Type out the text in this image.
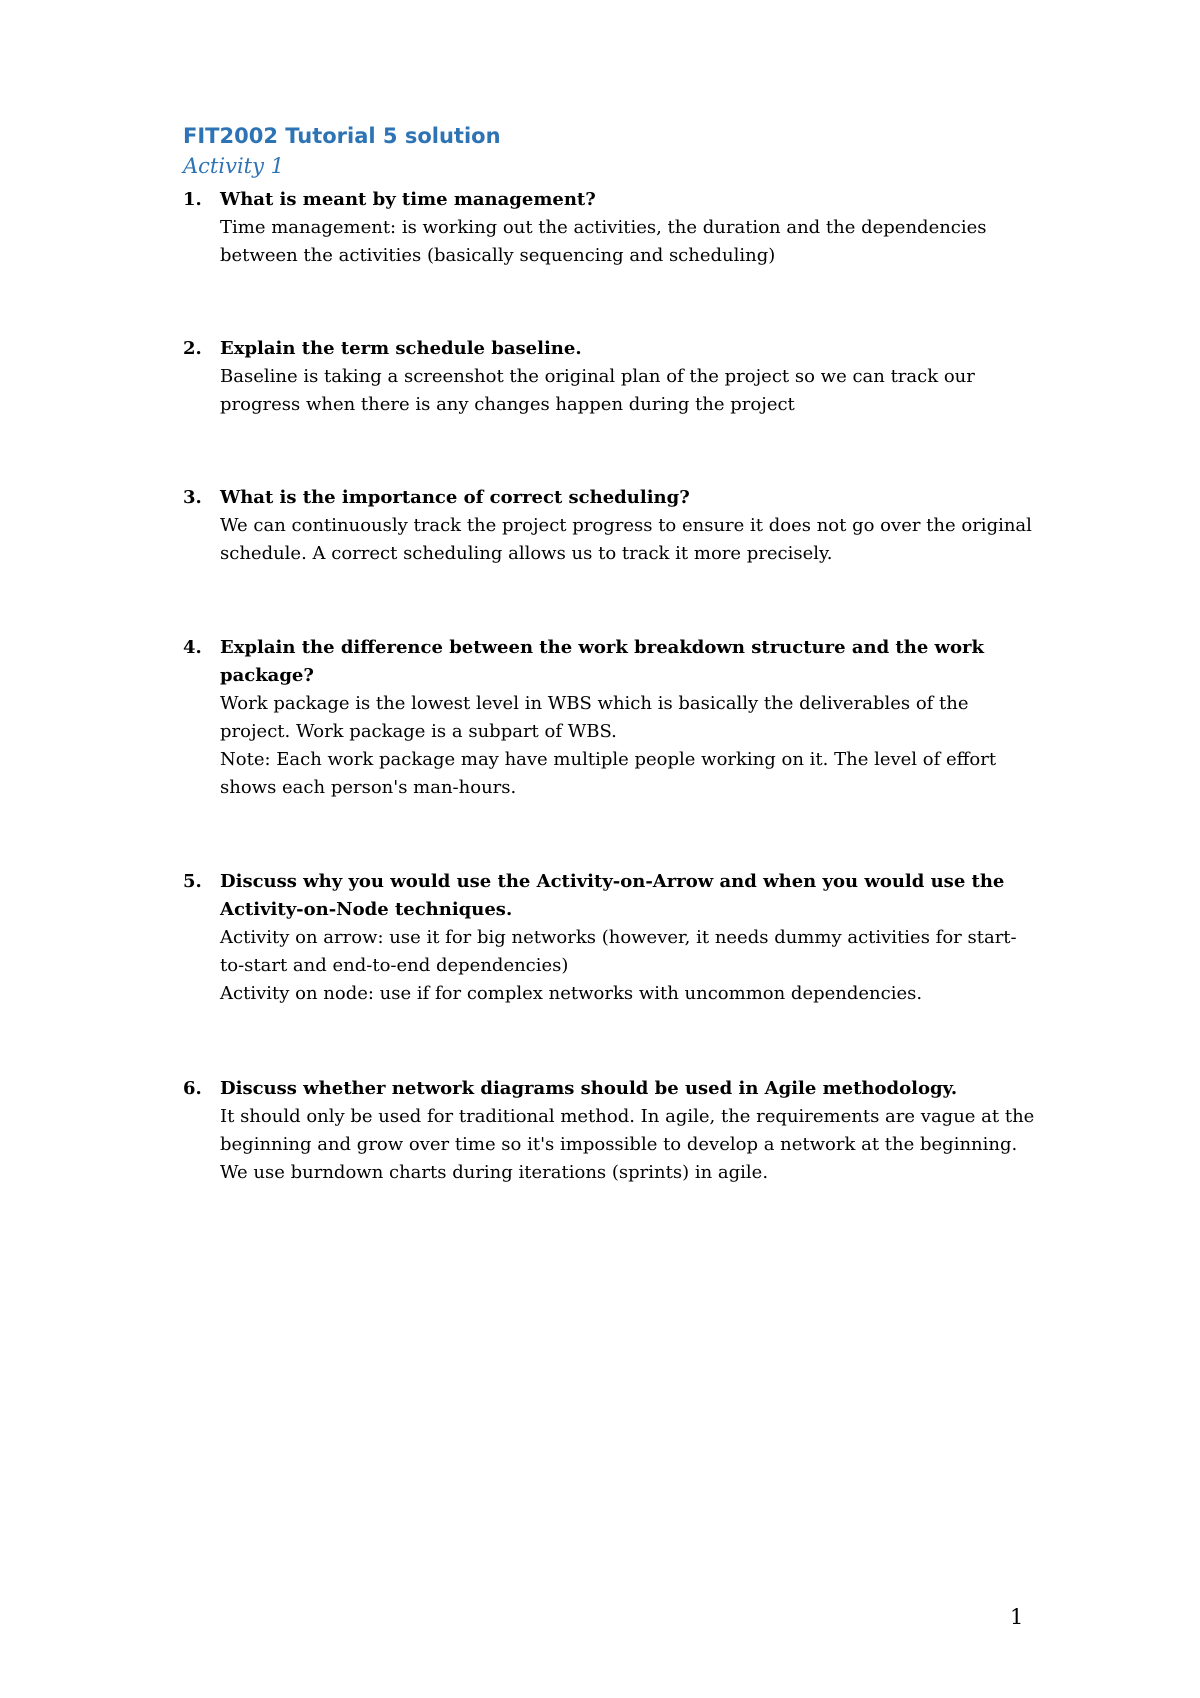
FIT2002 Tutorial 5 solution
Activity 1
1. What is meant by time management?
Time management: is working out the activities, the duration and the dependencies between the activities (basically sequencing and scheduling)
2. Explain the term schedule baseline.
Baseline is taking a screenshot the original plan of the project so we can track our progress when there is any changes happen during the project
3. What is the importance of correct scheduling?
We can continuously track the project progress to ensure it does not go over the original schedule. A correct scheduling allows us to track it more precisely.
4. Explain the difference between the work breakdown structure and the work package?
Work package is the lowest level in WBS which is basically the deliverables of the project. Work package is a subpart of WBS.
Note: Each work package may have multiple people working on it. The level of effort shows each person's man-hours.
5. Discuss why you would use the Activity-on-Arrow and when you would use the Activity-on-Node techniques.
Activity on arrow: use it for big networks (however, it needs dummy activities for start-to-start and end-to-end dependencies)
Activity on node: use if for complex networks with uncommon dependencies.
6. Discuss whether network diagrams should be used in Agile methodology.
It should only be used for traditional method. In agile, the requirements are vague at the beginning and grow over time so it's impossible to develop a network at the beginning. We use burndown charts during iterations (sprints) in agile.
1
